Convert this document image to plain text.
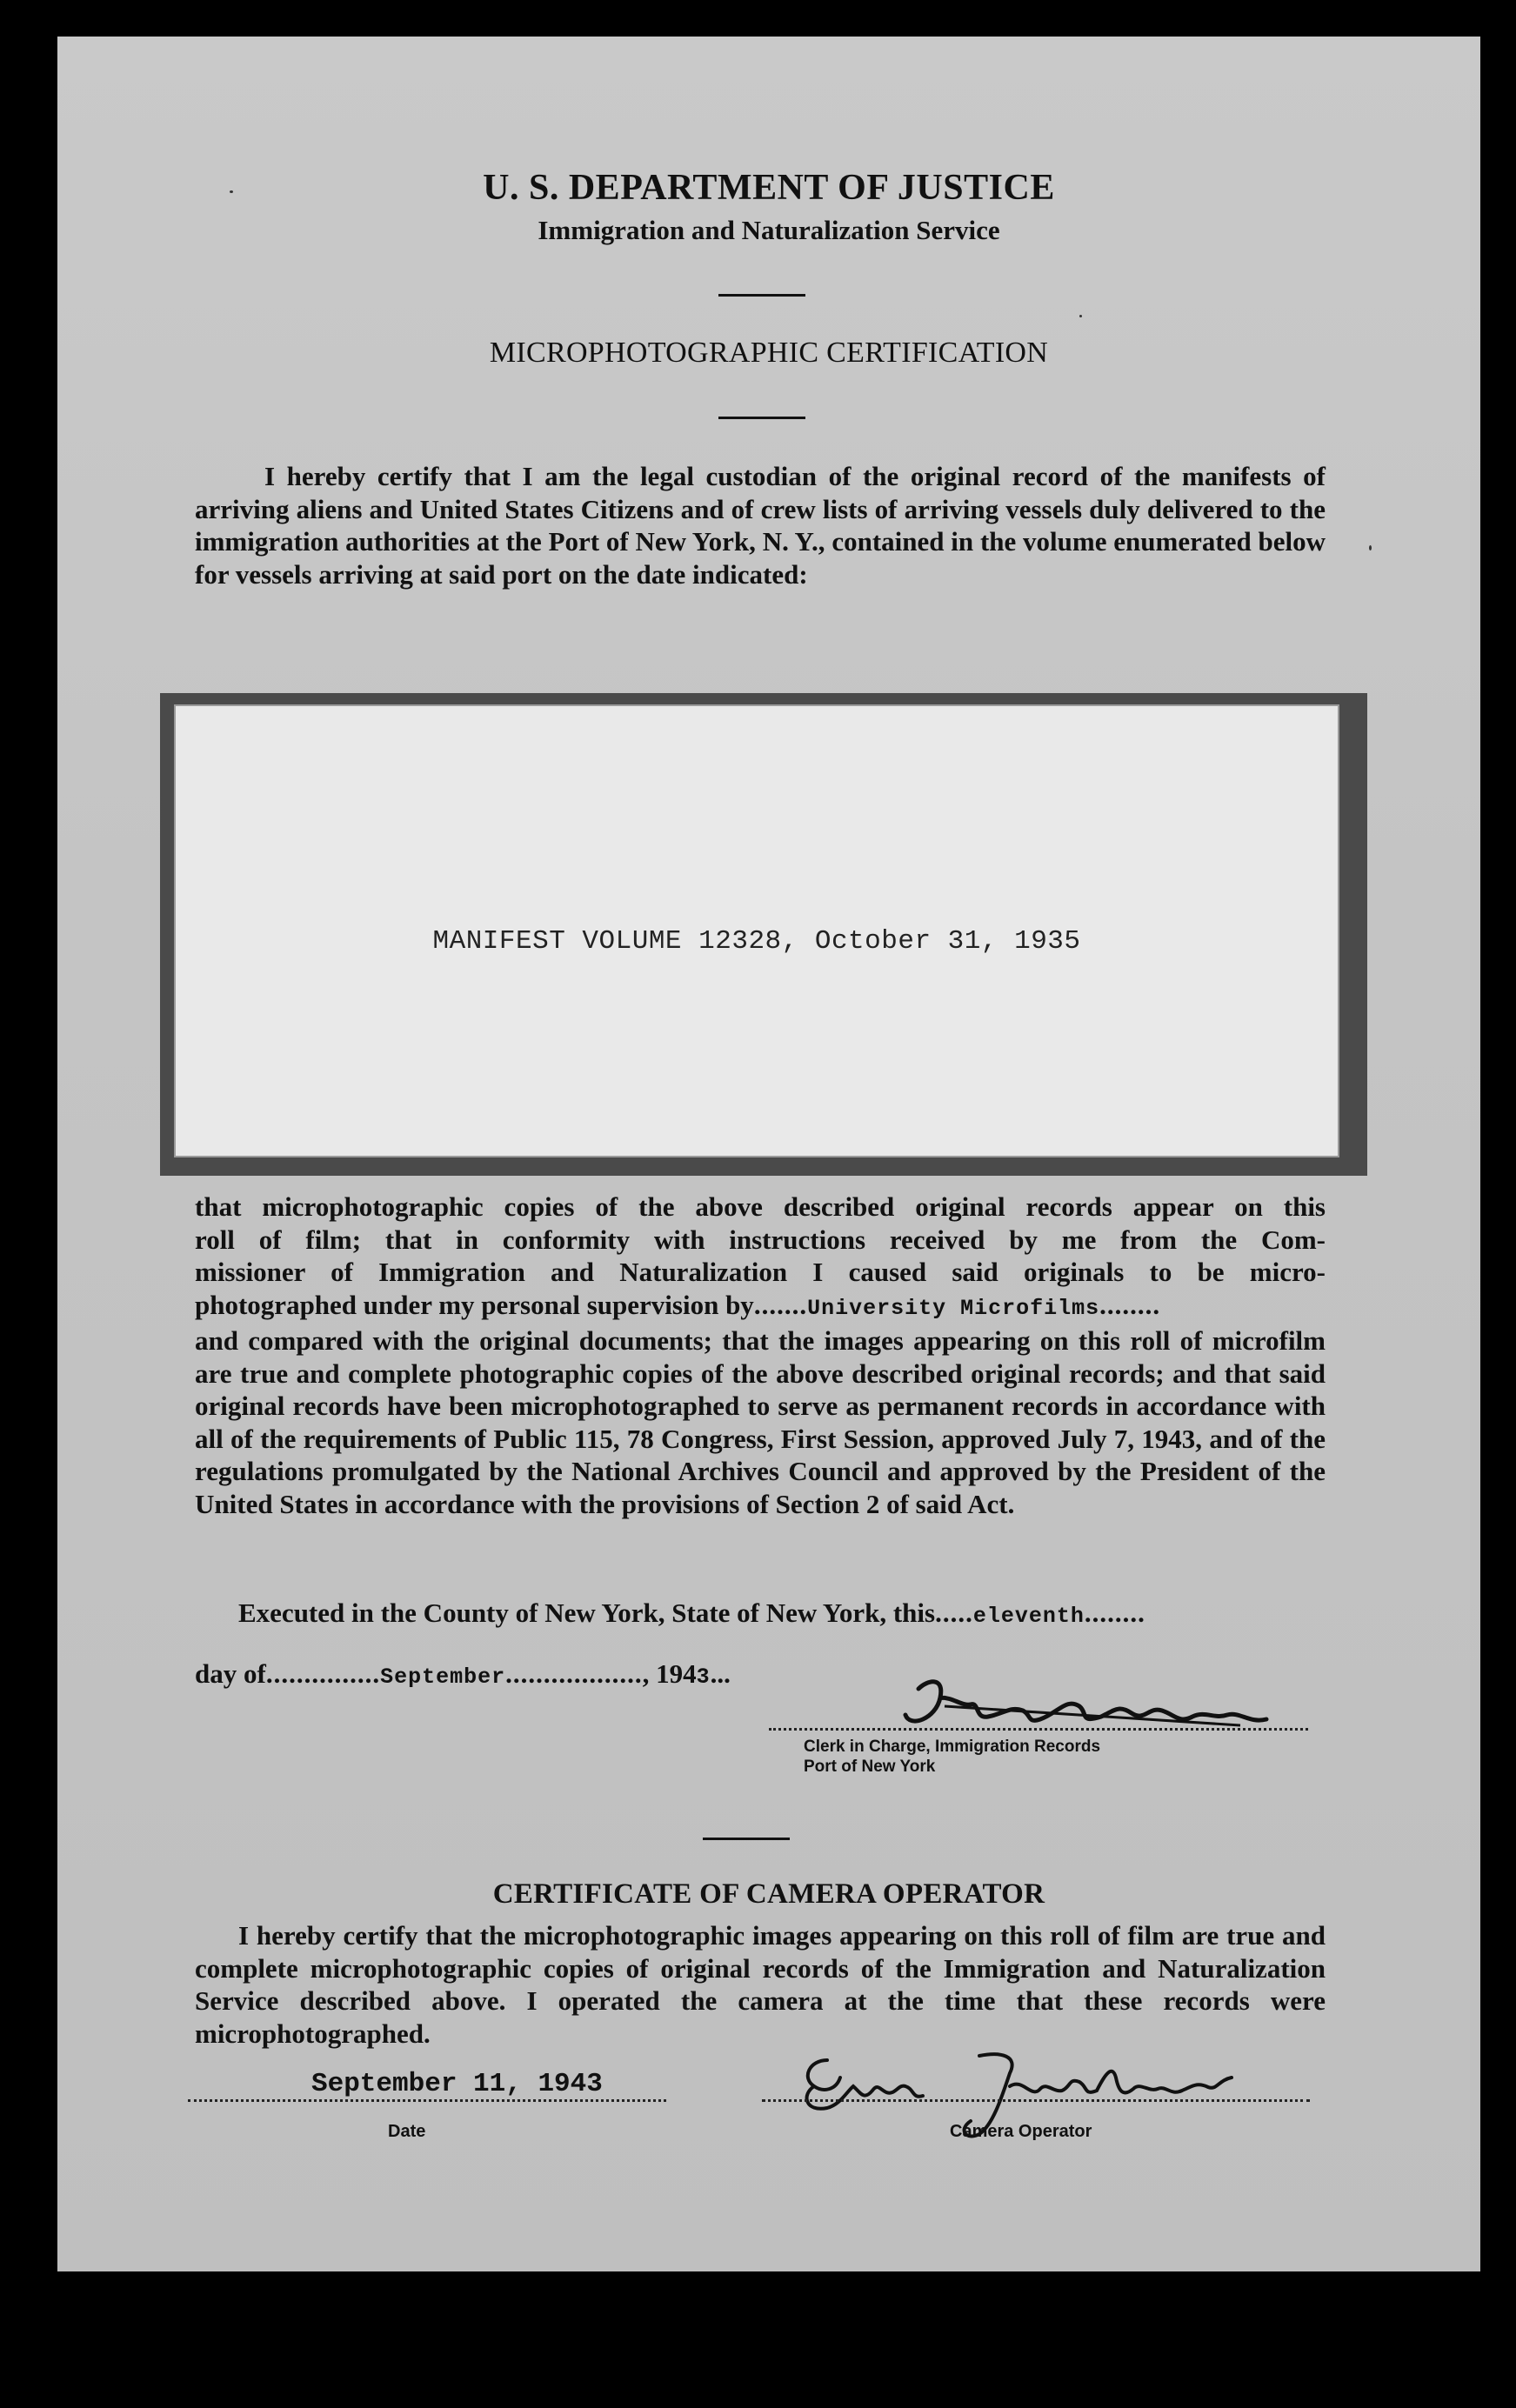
U. S. DEPARTMENT OF JUSTICE
Immigration and Naturalization Service
MICROPHOTOGRAPHIC CERTIFICATION
I hereby certify that I am the legal custodian of the original record of the manifests of arriving aliens and United States Citizens and of crew lists of arriving vessels duly delivered to the immigration authorities at the Port of New York, N. Y., contained in the volume enumerated below for vessels arriving at said port on the date indicated:
MANIFEST VOLUME 12328, October 31, 1935
that microphotographic copies of the above described original records appear on this
roll of film; that in conformity with instructions received by me from the Com-
missioner of Immigration and Naturalization I caused said originals to be micro-
photographed under my personal supervision by.......University Microfilms........
and compared with the original documents; that the images appearing on this roll of microfilm are true and complete photographic copies of the above described original records; and that said original records have been microphotographed to serve as permanent records in accordance with all of the requirements of Public 115, 78 Congress, First Session, approved July 7, 1943, and of the regulations promulgated by the National Archives Council and approved by the President of the United States in accordance with the provisions of Section 2 of said Act.
Executed in the County of New York, State of New York, this.....eleventh........
day of...............September.................., 1943...
Clerk in Charge, Immigration Records
Port of New York
CERTIFICATE OF CAMERA OPERATOR
I hereby certify that the microphotographic images appearing on this roll of film are true and complete microphotographic copies of original records of the Immigration and Naturalization Service described above. I operated the camera at the time that these records were microphotographed.
September 11, 1943
Date	Camera Operator
